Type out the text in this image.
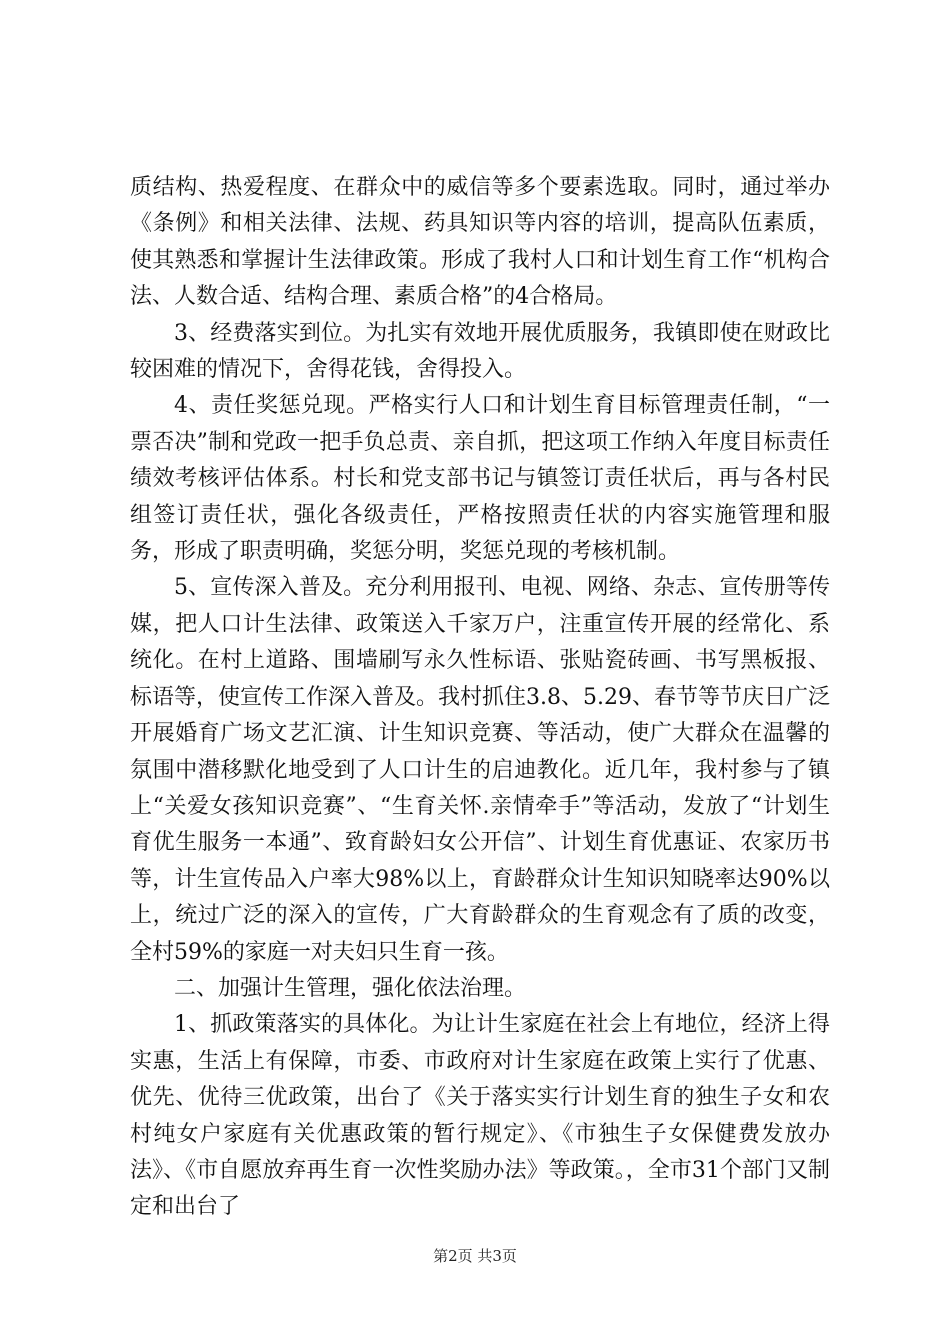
质结构、热爱程度、在群众中的威信等多个要素选取。同时，通过举办《条例》和相关法律、法规、药具知识等内容的培训，提高队伍素质，使其熟悉和掌握计生法律政策。形成了我村人口和计划生育工作“机构合法、人数合适、结构合理、素质合格”的4合格局。

3、经费落实到位。为扎实有效地开展优质服务，我镇即使在财政比较困难的情况下，舍得花钱，舍得投入。

4、责任奖惩兑现。严格实行人口和计划生育目标管理责任制，“一票否决”制和党政一把手负总责、亲自抓，把这项工作纳入年度目标责任绩效考核评估体系。村长和党支部书记与镇签订责任状后，再与各村民组签订责任状，强化各级责任，严格按照责任状的内容实施管理和服务，形成了职责明确，奖惩分明，奖惩兑现的考核机制。

5、宣传深入普及。充分利用报刊、电视、网络、杂志、宣传册等传媒，把人口计生法律、政策送入千家万户，注重宣传开展的经常化、系统化。在村上道路、围墙刷写永久性标语、张贴瓷砖画、书写黑板报、标语等，使宣传工作深入普及。我村抓住3.8、5.29、春节等节庆日广泛开展婚育广场文艺汇演、计生知识竞赛、等活动，使广大群众在温馨的氛围中潜移默化地受到了人口计生的启迪教化。近几年，我村参与了镇上“关爱女孩知识竞赛”、“生育关怀.亲情牵手”等活动，发放了“计划生育优生服务一本通”、致育龄妇女公开信”、计划生育优惠证、农家历书等，计生宣传品入户率大98%以上，育龄群众计生知识知晓率达90%以上，统过广泛的深入的宣传，广大育龄群众的生育观念有了质的改变，全村59%的家庭一对夫妇只生育一孩。

二、加强计生管理，强化依法治理。

1、抓政策落实的具体化。为让计生家庭在社会上有地位，经济上得实惠，生活上有保障，市委、市政府对计生家庭在政策上实行了优惠、优先、优待三优政策，出台了《关于落实实行计划生育的独生子女和农村纯女户家庭有关优惠政策的暂行规定》、《市独生子女保健费发放办法》、《市自愿放弃再生育一次性奖励办法》等政策。，全市31个部门又制定和出台了

第2页 共3页
